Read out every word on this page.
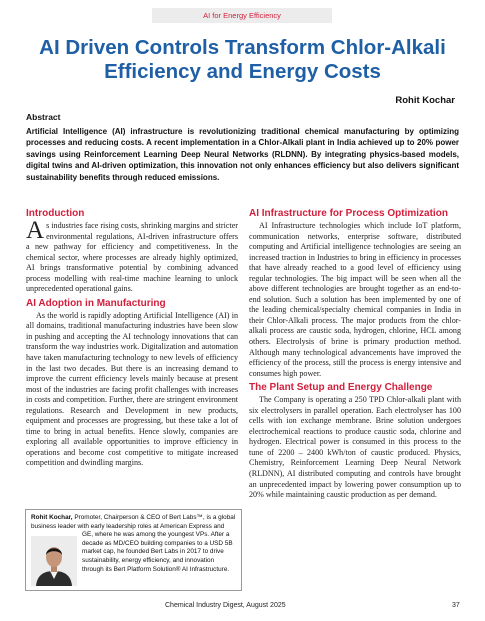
AI for Energy Efficiency
AI Driven Controls Transform Chlor-Alkali Efficiency and Energy Costs
Rohit Kochar
Abstract

Artificial Intelligence (AI) infrastructure is revolutionizing traditional chemical manufacturing by optimizing processes and reducing costs. A recent implementation in a Chlor-Alkali plant in India achieved up to 20% power savings using Reinforcement Learning Deep Neural Networks (RLDNN). By integrating physics-based models, digital twins and AI-driven optimization, this innovation not only enhances efficiency but also delivers significant sustainability benefits through reduced emissions.

Introduction

As industries face rising costs, shrinking margins and stricter environmental regulations, AI-driven infrastructure offers a new pathway for efficiency and competitiveness. In the chemical sector, where processes are already highly optimized, AI brings transformative potential by combining advanced process modelling with real-time machine learning to unlock unprecedented operational gains.

AI Adoption in Manufacturing

As the world is rapidly adopting Artificial Intelligence (AI) in all domains, traditional manufacturing industries have been slow in pushing and accepting the AI technology innovations that can transform the way industries work. Digitalization and automation have taken manufacturing technology to new levels of efficiency in the last two decades. But there is an increasing demand to improve the current efficiency levels mainly because at present most of the industries are facing profit challenges with increases in costs and competition. Further, there are stringent environment regulations. Research and Development in new products, equipment and processes are progressing, but these take a lot of time to bring in actual benefits. Hence slowly, companies are exploring all available opportunities to improve efficiency in operations and become cost competitive to mitigate increased competition and dwindling margins.

AI Infrastructure for Process Optimization

AI Infrastructure technologies which include IoT platform, communication networks, enterprise software, distributed computing and Artificial intelligence technologies are seeing an increased traction in Industries to bring in efficiency in processes that have already reached to a good level of efficiency using regular technologies. The big impact will be seen when all the above different technologies are brought together as an end-to-end solution. Such a solution has been implemented by one of the leading chemical/specialty chemical companies in India in their Chlor-Alkali process. The major products from the chlor-alkali process are caustic soda, hydrogen, chlorine, HCL among others. Electrolysis of brine is primary production method. Although many technological advancements have improved the efficiency of the process, still the process is energy intensive and consumes high power.

The Plant Setup and Energy Challenge

The Company is operating a 250 TPD Chlor-alkali plant with six electrolysers in parallel operation. Each electrolyser has 100 cells with ion exchange membrane. Brine solution undergoes electrochemical reactions to produce caustic soda, chlorine and hydrogen. Electrical power is consumed in this process to the tune of 2200 – 2400 kWh/ton of caustic produced. Physics, Chemistry, Reinforcement Learning Deep Neural Network (RLDNN), AI distributed computing and controls have brought an unprecedented impact by lowering power consumption up to 20% while maintaining caustic production as per demand.

Rohit Kochar, Promoter, Chairperson & CEO of Bert Labs™, is a global business leader with early leadership roles at American Express and
GE, where he was among the youngest VPs. After a decade as MD/CEO building companies to a USD 5B market cap, he founded Bert Labs in 2017 to drive sustainability, energy efficiency, and innovation through its Bert Platform Solution® AI Infrastructure.

Chemical Industry Digest, August 2025	37
